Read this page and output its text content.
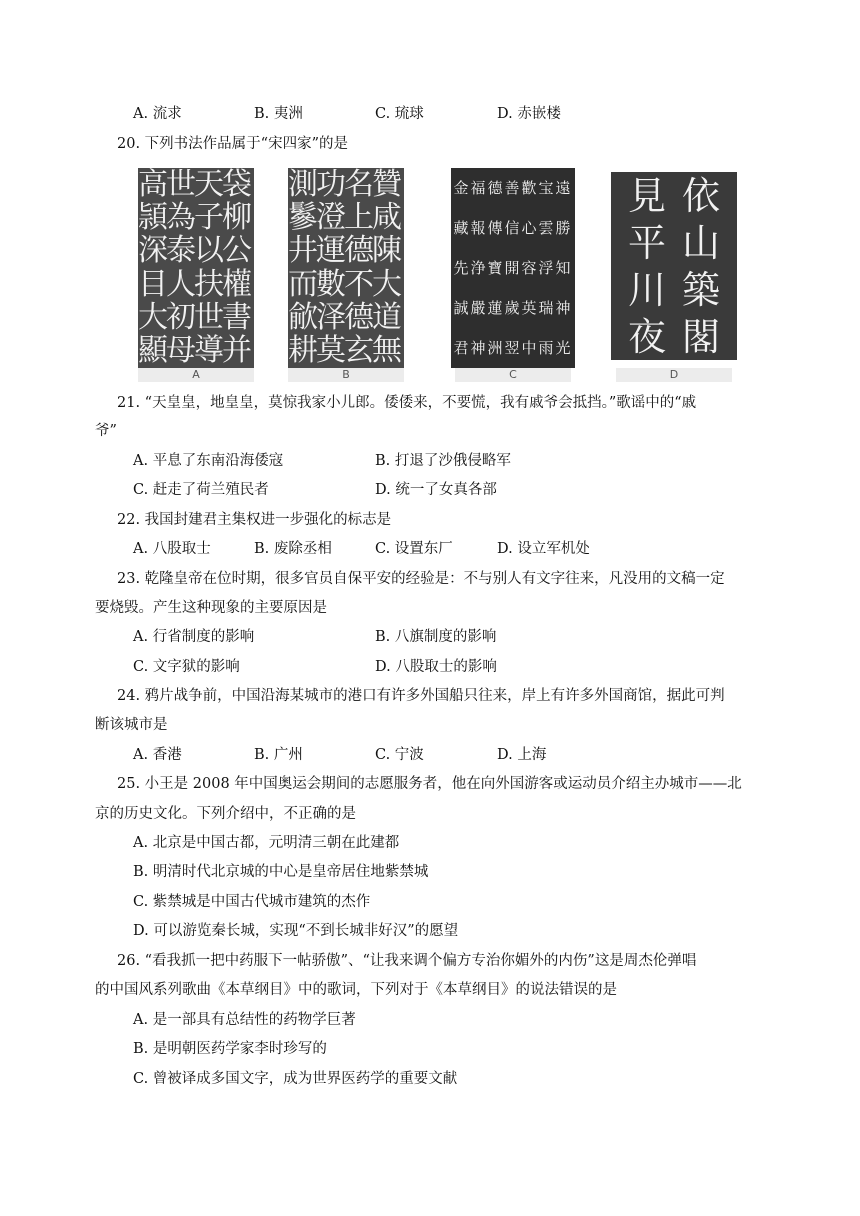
A. 流求	B. 夷洲	C. 琉球	D. 赤嵌楼
20. 下列书法作品属于“宋四家”的是
高
頴
深
目
大
顯
世
為
泰
人
初
母
天
子
以
扶
世
導
袋
柳
公
權
書
并
A
測
鬖
井
而
歈
耕
功
澄
運
數
泽
莫
名
上
德
不
德
玄
贊
咸
陳
大
道
無
B
金
藏
先
誠
君
福
報
浄
嚴
神
德
傳
寶
蓮
洲
善
信
開
歲
翌
歡
心
容
英
中
宝
雲
浮
瑞
雨
遠
勝
知
神
光
C
見
平
川
夜
依
山
築
閣
D
21. “天皇皇，地皇皇，莫惊我家小儿郎。倭倭来，不要慌，我有戚爷会抵挡。”歌谣中的“戚
爷”
A. 平息了东南沿海倭寇	B. 打退了沙俄侵略军
C. 赶走了荷兰殖民者	D. 统一了女真各部
22. 我国封建君主集权进一步强化的标志是
A. 八股取士	B. 废除丞相	C. 设置东厂	D. 设立军机处
23. 乾隆皇帝在位时期，很多官员自保平安的经验是：不与别人有文字往来，凡没用的文稿一定
要烧毁。产生这种现象的主要原因是
A. 行省制度的影响	B. 八旗制度的影响
C. 文字狱的影响	D. 八股取士的影响
24. 鸦片战争前，中国沿海某城市的港口有许多外国船只往来，岸上有许多外国商馆，据此可判
断该城市是
A. 香港	B. 广州	C. 宁波	D. 上海
25. 小王是 2008 年中国奥运会期间的志愿服务者，他在向外国游客或运动员介绍主办城市——北
京的历史文化。下列介绍中，不正确的是
A. 北京是中国古都，元明清三朝在此建都
B. 明清时代北京城的中心是皇帝居住地紫禁城
C. 紫禁城是中国古代城市建筑的杰作
D. 可以游览秦长城，实现“不到长城非好汉”的愿望
26. “看我抓一把中药服下一帖骄傲”、“让我来调个偏方专治你媚外的内伤”这是周杰伦弹唱
的中国风系列歌曲《本草纲目》中的歌词，下列对于《本草纲目》的说法错误的是
A. 是一部具有总结性的药物学巨著
B. 是明朝医药学家李时珍写的
C. 曾被译成多国文字，成为世界医药学的重要文献
